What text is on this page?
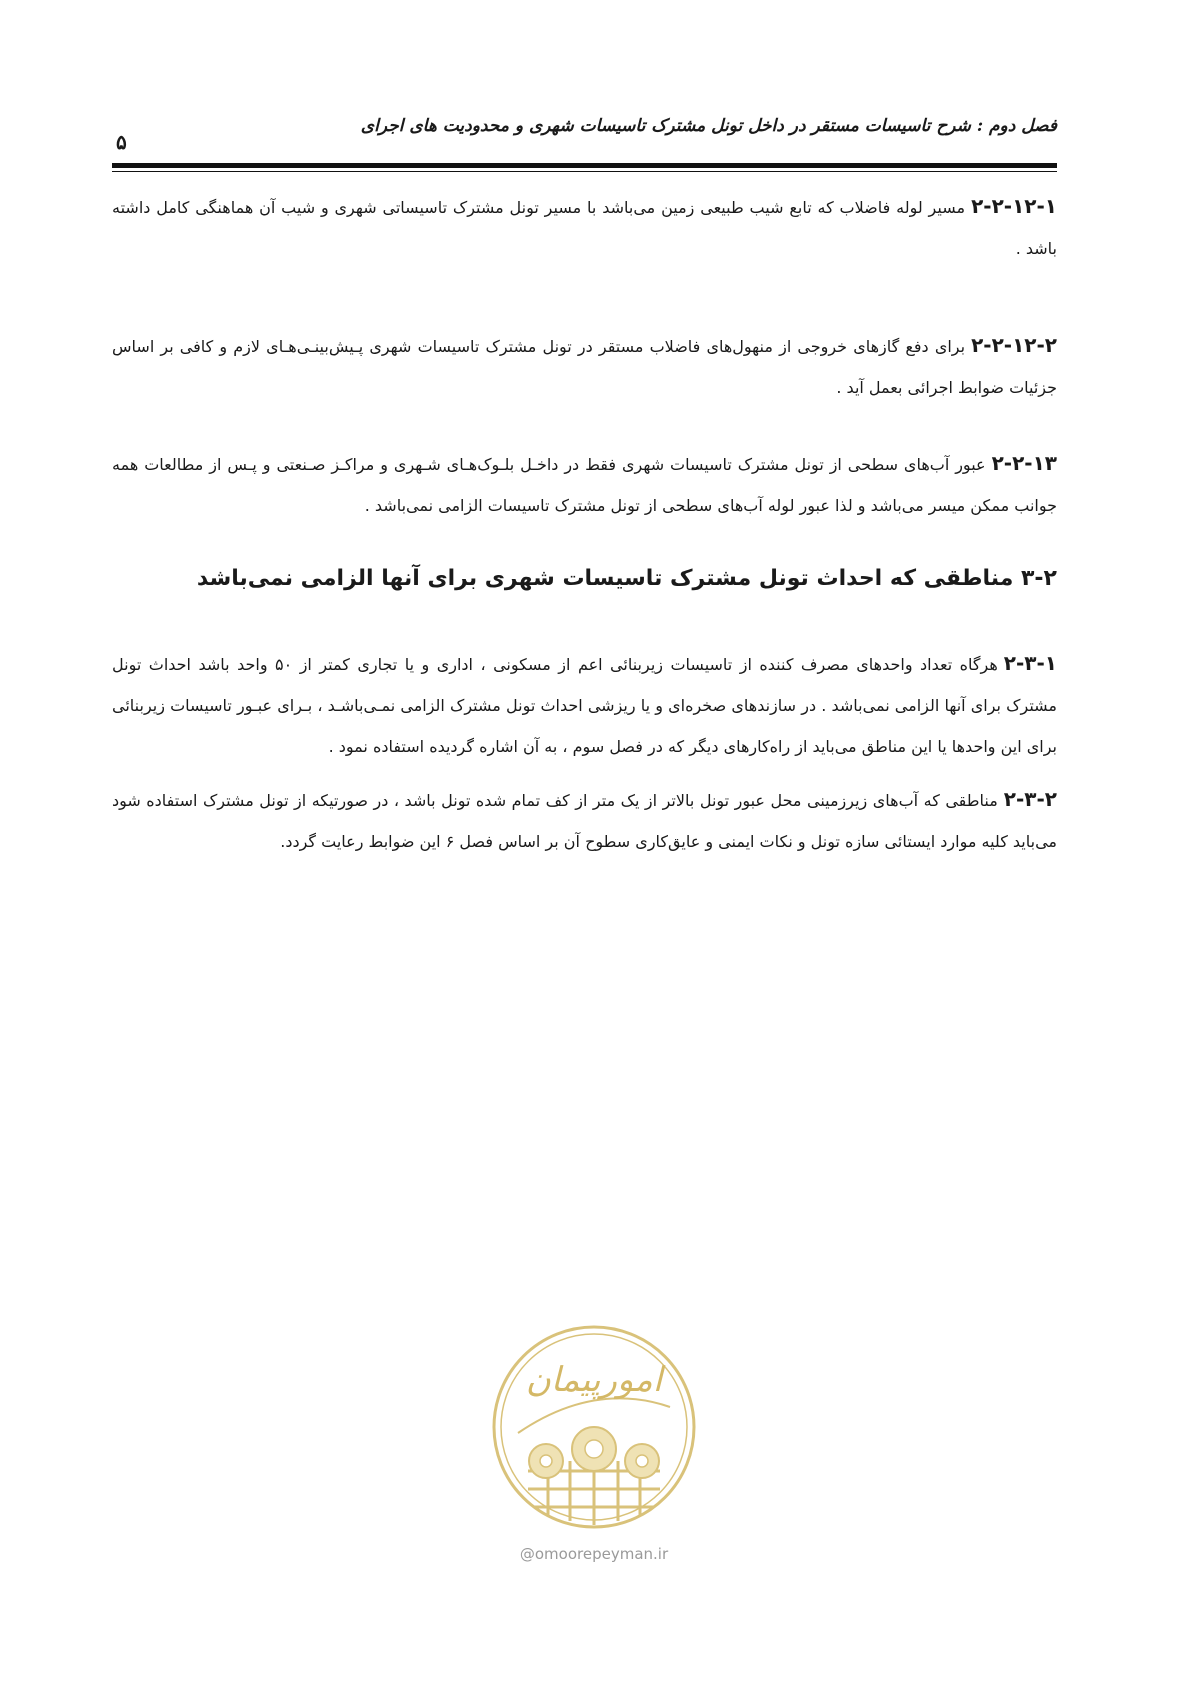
فصل دوم : شرح تاسیسات مستقر در داخل تونل مشترک تاسیسات شهری و محدودیت های اجرای
۵
۲-۲-۱۲-۱مسیر لوله فاضلاب که تابع شیب طبیعی زمین می‌باشد با مسیر تونل مشترک تاسیساتی شهری و شیب آن هماهنگی کامل داشته باشد .
۲-۲-۱۲-۲برای دفع گازهای خروجی از منهول‌های فاضلاب مستقر در تونل مشترک تاسیسات شهری پـیش‌بینـی‌هـای لازم و کافی بر اساس جزئیات ضوابط اجرائی بعمل آید .
۲-۲-۱۳عبور آب‌های سطحی از تونل مشترک تاسیسات شهری فقط در داخـل بلـوک‌هـای شـهری و مراکـز صـنعتی و پـس از مطالعات همه جوانب ممکن میسر می‌باشد و لذا عبور لوله آب‌های سطحی از تونل مشترک تاسیسات الزامی نمی‌باشد .
۳-۲ مناطقی که احداث تونل مشترک تاسیسات شهری برای آنها الزامی نمی‌باشد
۲-۳-۱هرگاه تعداد واحدهای مصرف کننده از تاسیسات زیربنائی اعم از مسکونی ، اداری و یا تجاری کمتر از ۵۰ واحد باشد احداث تونل مشترک برای آنها الزامی نمی‌باشد . در سازندهای صخره‌ای و یا ریزشی احداث تونل مشترک الزامی نمـی‌باشـد ، بـرای عبـور تاسیسات زیربنائی برای این واحدها یا این مناطق می‌باید از راه‌کارهای دیگر که در فصل سوم ، به آن اشاره گردیده استفاده نمود .
۲-۳-۲مناطقی که آب‌های زیرزمینی محل عبور تونل بالاتر از یک متر از کف تمام شده تونل باشد ، در صورتیکه از تونل مشترک استفاده شود می‌باید کلیه موارد ایستائی سازه تونل و نکات ایمنی و عایق‌کاری سطوح آن بر اساس فصل ۶ این ضوابط رعایت گردد.
امورپیمان
@omoorepeyman.ir
